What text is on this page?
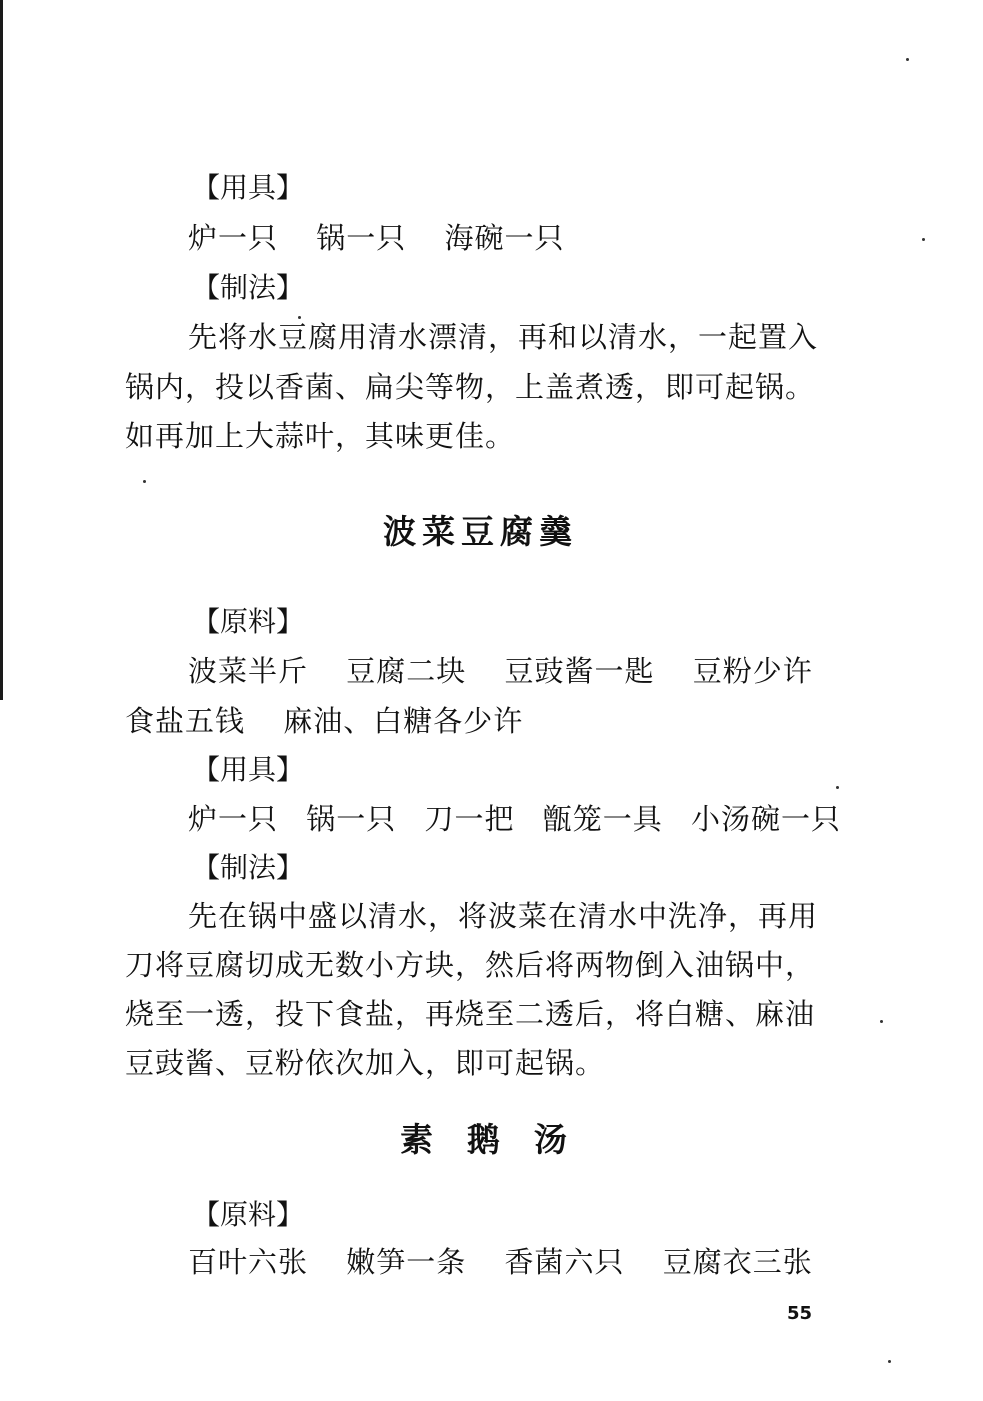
【用具】
炉一只 锅一只 海碗一只
【制法】
先将水豆腐用清水漂清，再和以清水，一起置入
锅内，投以香菌、扁尖等物，上盖煮透，即可起锅。
如再加上大蒜叶，其味更佳。
波菜豆腐羹
【原料】
波菜半斤 豆腐二块 豆豉酱一匙 豆粉少许
食盐五钱 麻油、白糖各少许
【用具】
炉一只 锅一只 刀一把 甑笼一具 小汤碗一只
【制法】
先在锅中盛以清水，将波菜在清水中洗净，再用
刀将豆腐切成无数小方块，然后将两物倒入油锅中，
烧至一透，投下食盐，再烧至二透后，将白糖、麻油
豆豉酱、豆粉依次加入，即可起锅。
素 鹅 汤
【原料】
百叶六张 嫩笋一条 香菌六只 豆腐衣三张
55
